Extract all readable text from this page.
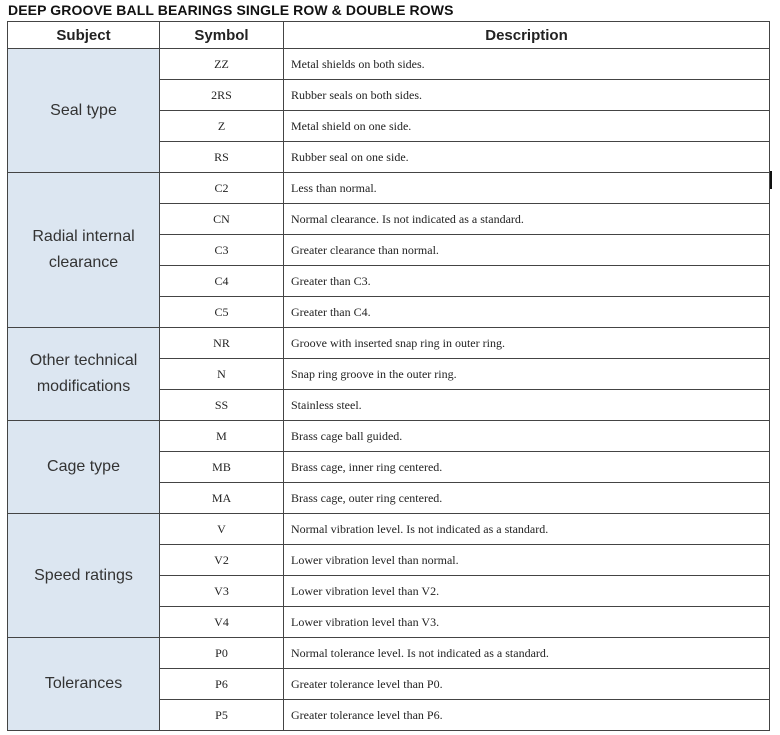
DEEP GROOVE BALL BEARINGS SINGLE ROW & DOUBLE ROWS
Subject	Symbol	Description
Seal type	ZZ	Metal shields on both sides.
	2RS	Rubber seals on both sides.
	Z	Metal shield on one side.
	RS	Rubber seal on one side.
Radial internal clearance	C2	Less than normal.
	CN	Normal clearance. Is not indicated as a standard.
	C3	Greater clearance than normal.
	C4	Greater than C3.
	C5	Greater than C4.
Other technical modifications	NR	Groove with inserted snap ring in outer ring.
	N	Snap ring groove in the outer ring.
	SS	Stainless steel.
Cage type	M	Brass cage ball guided.
	MB	Brass cage, inner ring centered.
	MA	Brass cage, outer ring centered.
Speed ratings	V	Normal vibration level. Is not indicated as a standard.
	V2	Lower vibration level than normal.
	V3	Lower vibration level than V2.
	V4	Lower vibration level than V3.
Tolerances	P0	Normal tolerance level. Is not indicated as a standard.
	P6	Greater tolerance level than P0.
	P5	Greater tolerance level than P6.
